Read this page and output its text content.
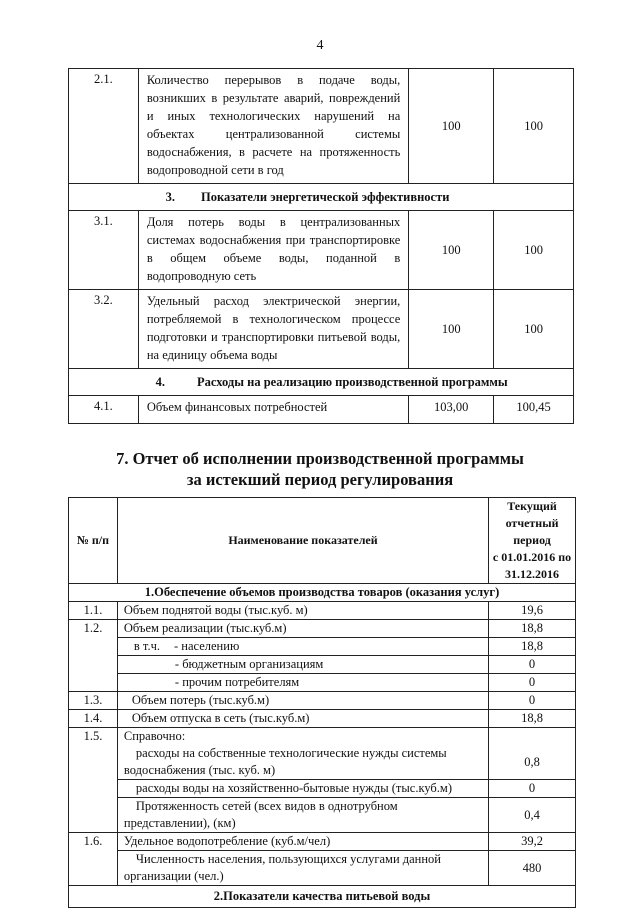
4
2.1.	Количество перерывов в подаче воды, возникших в результате аварий, повреждений и иных технологических нарушений на объектах централизованной системы водоснабжения, в расчете на протяженность водопроводной сети в год	100	100
3. Показатели энергетической эффективности			
3.1.	Доля потерь воды в централизованных системах водоснабжения при транспортировке в общем объеме воды, поданной в водопроводную сеть	100	100
3.2.	Удельный расход электрической энергии, потребляемой в технологическом процессе подготовки и транспортировки питьевой воды, на единицу объема воды	100	100
4. Расходы на реализацию производственной программы			
4.1.	Объем финансовых потребностей	103,00	100,45
7. Отчет об исполнении производственной программы
за истекший период регулирования
№ п/п	Наименование показателей	Текущий
отчетный период
с 01.01.2016 по
31.12.2016

1.Обеспечение объемов производства товаров (оказания услуг)		
1.1.	Объем поднятой воды (тыс.куб. м)	19,6
1.2.	Объем реализации (тыс.куб.м)	18,8
	в т.ч. - населению	18,8
	- бюджетным организациям	0
	- прочим потребителям	0
1.3.	Объем потерь (тыс.куб.м)	0
1.4.	Объем отпуска в сеть (тыс.куб.м)	18,8
1.5.	Справочно:	

	расходы на собственные технологические нужды системы водоснабжения (тыс. куб. м)	0,8
	расходы воды на хозяйственно-бытовые нужды (тыс.куб.м)	0

	Протяженность сетей (всех видов в однотрубном представлении), (км)	0,4
1.6.	Удельное водопотребление (куб.м/чел)	39,2

	Численность населения, пользующихся услугами данной организации (чел.)	480
2.Показатели качества питьевой воды		
